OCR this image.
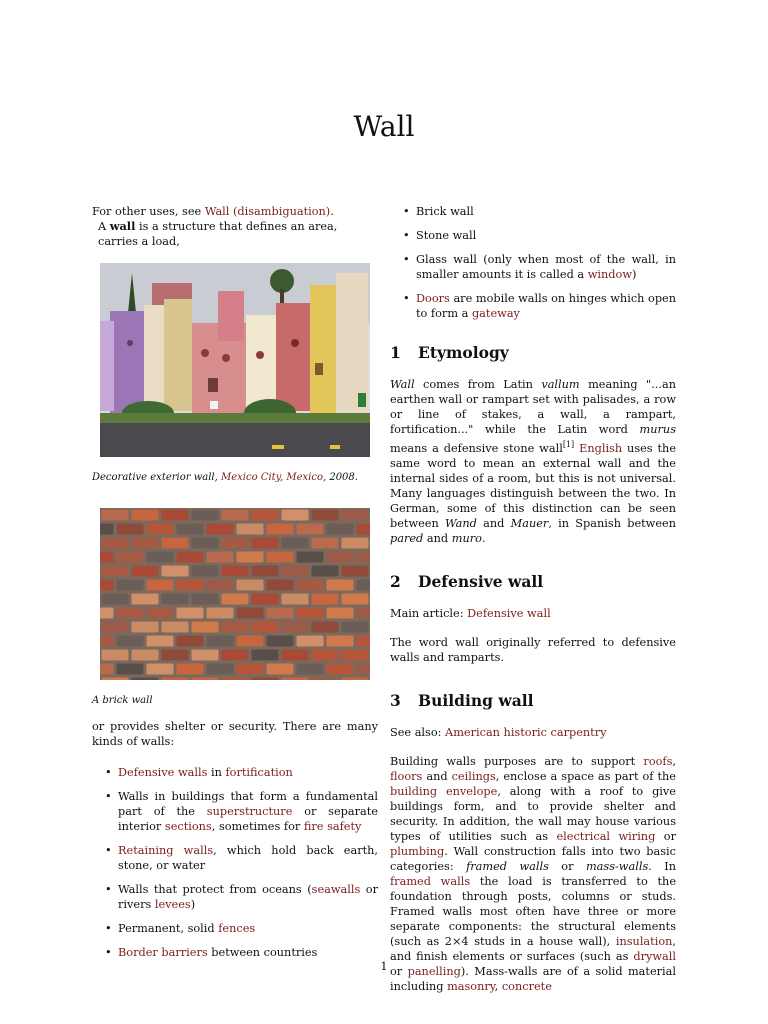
Wall

For other uses, see Wall (disambiguation).

A wall is a structure that defines an area, carries a load,

Decorative exterior wall, Mexico City, Mexico, 2008.

A brick wall

or provides shelter or security. There are many kinds of walls:

• Defensive walls in fortification
• Walls in buildings that form a fundamental part of the superstructure or separate interior sections, sometimes for fire safety
• Retaining walls, which hold back earth, stone, or water
• Walls that protect from oceans (seawalls or rivers levees)
• Permanent, solid fences
• Border barriers between countries
• Brick wall
• Stone wall
• Glass wall (only when most of the wall, in smaller amounts it is called a window)
• Doors are mobile walls on hinges which open to form a gateway
1 Etymology

Wall comes from Latin vallum meaning "...an earthen wall or rampart set with palisades, a row or line of stakes, a wall, a rampart, fortification..." while the Latin word murus means a defensive stone wall[1] English uses the same word to mean an external wall and the internal sides of a room, but this is not universal. Many languages distinguish between the two. In German, some of this distinction can be seen between Wand and Mauer, in Spanish between pared and muro.

2 Defensive wall

Main article: Defensive wall

The word wall originally referred to defensive walls and ramparts.

3 Building wall

See also: American historic carpentry

Building walls purposes are to support roofs, floors and ceilings, enclose a space as part of the building envelope, along with a roof to give buildings form, and to provide shelter and security. In addition, the wall may house various types of utilities such as electrical wiring or plumbing. Wall construction falls into two basic categories: framed walls or mass-walls. In framed walls the load is transferred to the foundation through posts, columns or studs. Framed walls most often have three or more separate components: the structural elements (such as 2×4 studs in a house wall), insulation, and finish elements or surfaces (such as drywall or panelling). Mass-walls are of a solid material including masonry, concrete

1
